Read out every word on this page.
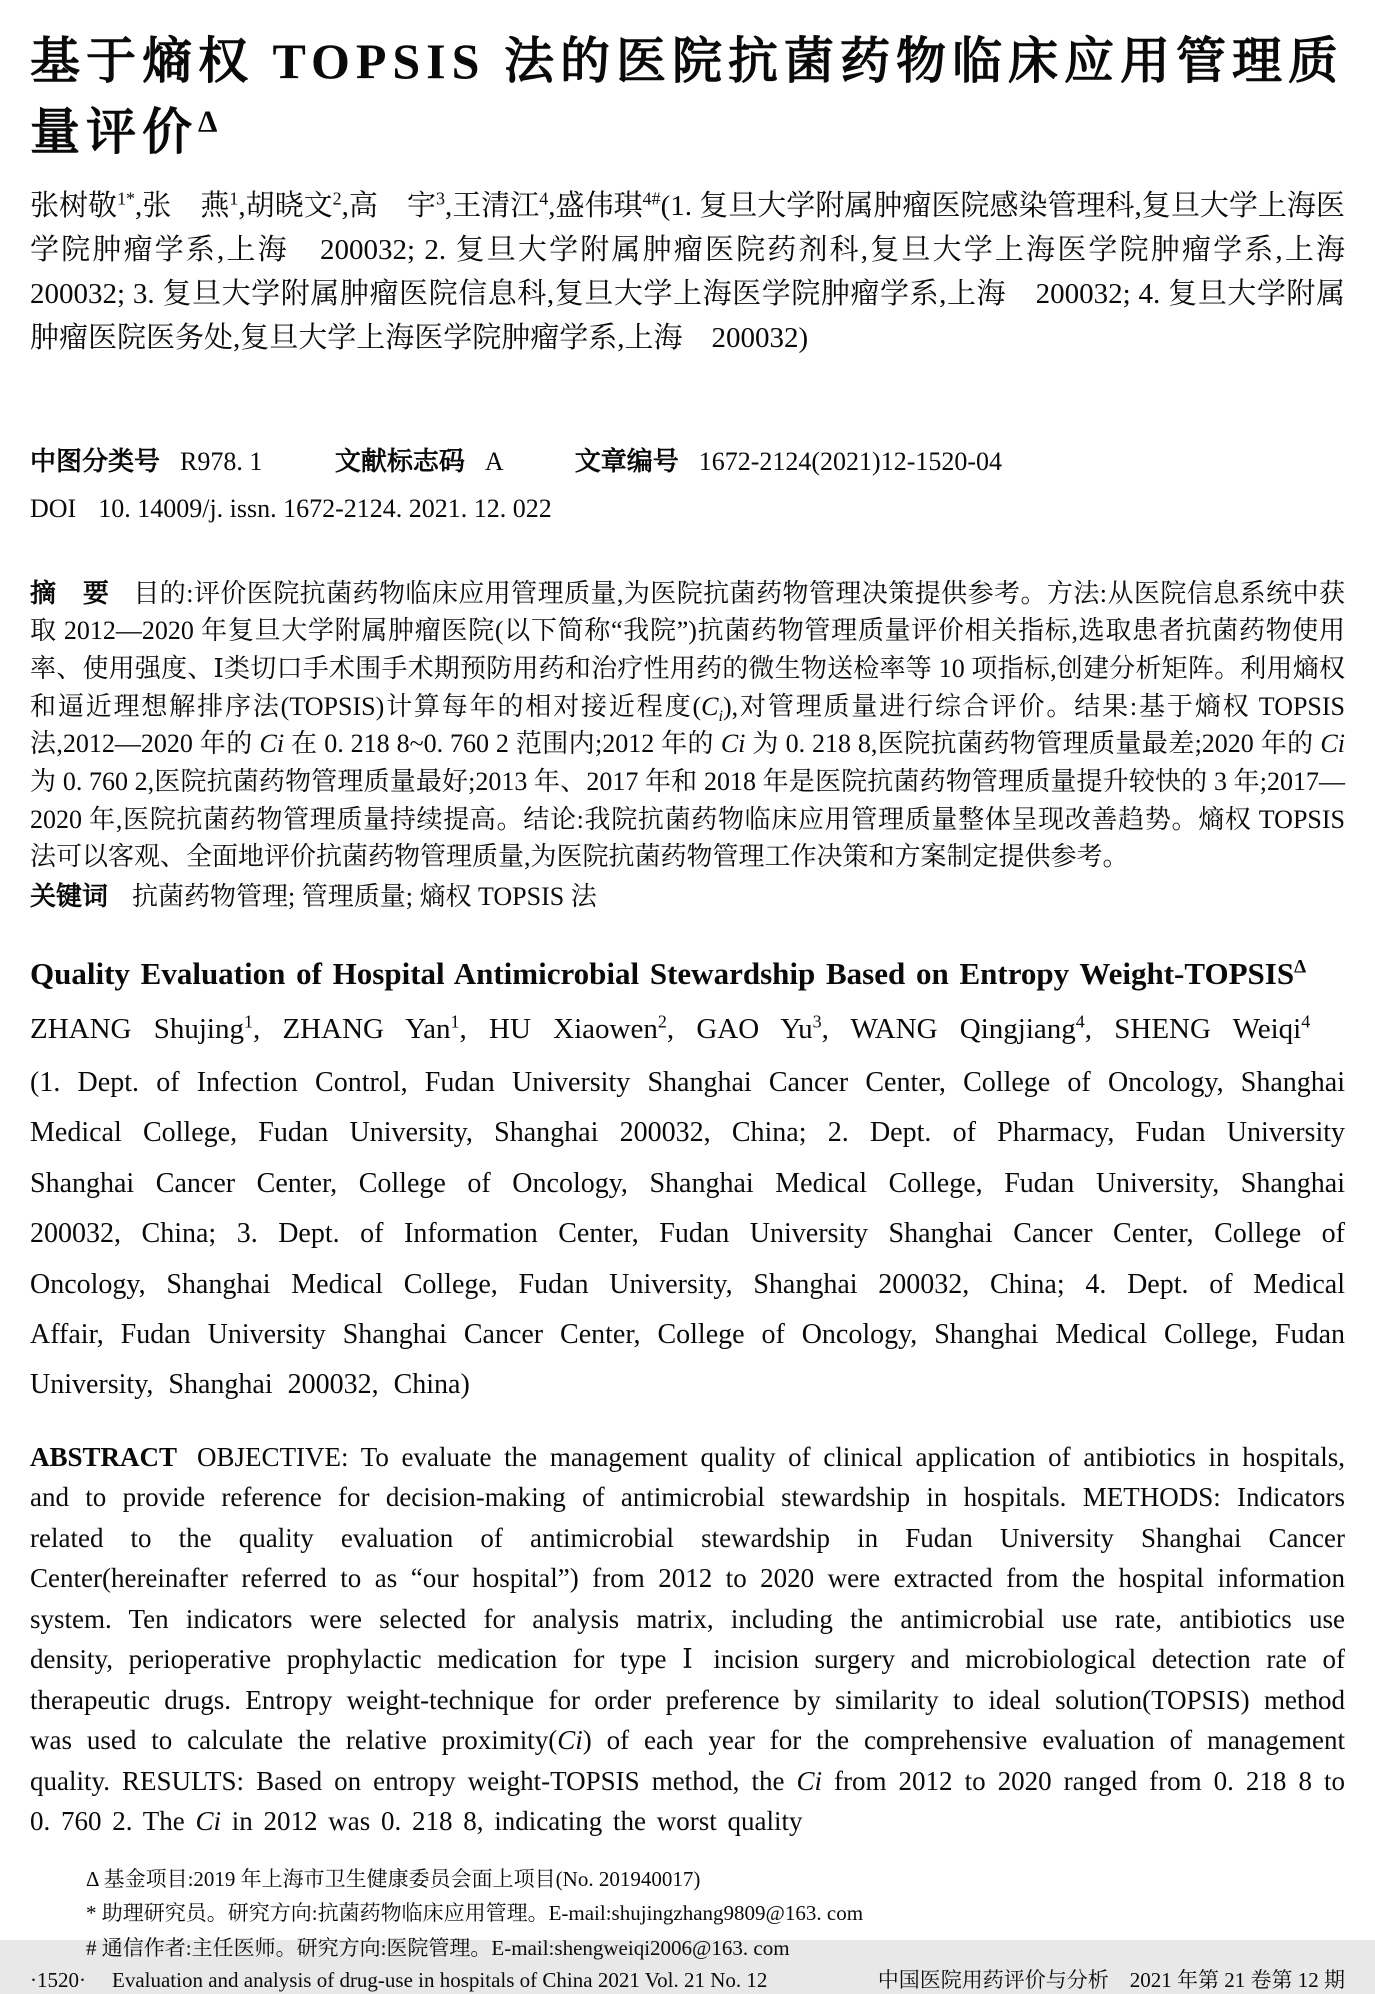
基于熵权 TOPSIS 法的医院抗菌药物临床应用管理质量评价$^\Delta$

张树敬$^{1*}$,张　燕$^1$,胡晓文$^2$,高　宇$^3$,王清江$^4$,盛伟琪$^{4\#}$(1. 复旦大学附属肿瘤医院感染管理科,复旦大学上海医学院肿瘤学系,上海　200032; 2. 复旦大学附属肿瘤医院药剂科,复旦大学上海医学院肿瘤学系,上海　200032; 3. 复旦大学附属肿瘤医院信息科,复旦大学上海医学院肿瘤学系,上海　200032; 4. 复旦大学附属肿瘤医院医务处,复旦大学上海医学院肿瘤学系,上海　200032)

中图分类号 R978. 1	文献标志码 A	文章编号 1672-2124(2021)12-1520-04
DOI 10. 14009/j. issn. 1672-2124. 2021. 12. 022

摘　要 目的:评价医院抗菌药物临床应用管理质量,为医院抗菌药物管理决策提供参考。方法:从医院信息系统中获取 2012—2020 年复旦大学附属肿瘤医院(以下简称“我院”)抗菌药物管理质量评价相关指标,选取患者抗菌药物使用率、使用强度、Ⅰ类切口手术围手术期预防用药和治疗性用药的微生物送检率等 10 项指标,创建分析矩阵。利用熵权和逼近理想解排序法(TOPSIS)计算每年的相对接近程度$(C_i)$,对管理质量进行综合评价。结果:基于熵权 TOPSIS 法,2012—2020 年的 Ci 在 0. 218 8~0. 760 2 范围内;2012 年的 Ci 为 0. 218 8,医院抗菌药物管理质量最差;2020 年的 Ci 为 0. 760 2,医院抗菌药物管理质量最好;2013 年、2017 年和 2018 年是医院抗菌药物管理质量提升较快的 3 年;2017—2020 年,医院抗菌药物管理质量持续提高。结论:我院抗菌药物临床应用管理质量整体呈现改善趋势。熵权 TOPSIS 法可以客观、全面地评价抗菌药物管理质量,为医院抗菌药物管理工作决策和方案制定提供参考。

关键词 抗菌药物管理; 管理质量; 熵权 TOPSIS 法

Quality Evaluation of Hospital Antimicrobial Stewardship Based on Entropy Weight-$TOPSIS^\Delta$

ZHANG Shujing$^1$, ZHANG Yan$^1$, HU Xiaowen$^2$, GAO Yu$^3$, WANG Qingjiang$^4$, SHENG Weiqi$^4$

(1. Dept. of Infection Control, Fudan University Shanghai Cancer Center, College of Oncology, Shanghai Medical College, Fudan University, Shanghai 200032, China; 2. Dept. of Pharmacy, Fudan University Shanghai Cancer Center, College of Oncology, Shanghai Medical College, Fudan University, Shanghai 200032, China; 3. Dept. of Information Center, Fudan University Shanghai Cancer Center, College of Oncology, Shanghai Medical College, Fudan University, Shanghai 200032, China; 4. Dept. of Medical Affair, Fudan University Shanghai Cancer Center, College of Oncology, Shanghai Medical College, Fudan University, Shanghai 200032, China)

ABSTRACT OBJECTIVE: To evaluate the management quality of clinical application of antibiotics in hospitals, and to provide reference for decision-making of antimicrobial stewardship in hospitals. METHODS: Indicators related to the quality evaluation of antimicrobial stewardship in Fudan University Shanghai Cancer Center(hereinafter referred to as “our hospital”) from 2012 to 2020 were extracted from the hospital information system. Ten indicators were selected for analysis matrix, including the antimicrobial use rate, antibiotics use density, perioperative prophylactic medication for type Ⅰ incision surgery and microbiological detection rate of therapeutic drugs. Entropy weight-technique for order preference by similarity to ideal solution(TOPSIS) method was used to calculate the relative proximity(Ci) of each year for the comprehensive evaluation of management quality. RESULTS: Based on entropy weight-TOPSIS method, the Ci from 2012 to 2020 ranged from 0. 218 8 to 0. 760 2. The Ci in 2012 was 0. 218 8, indicating the worst quality

Δ 基金项目:2019 年上海市卫生健康委员会面上项目(No. 201940017)

* 助理研究员。研究方向:抗菌药物临床应用管理。E-mail:shujingzhang9809@163. com

# 通信作者:主任医师。研究方向:医院管理。E-mail:shengweiqi2006@163. com

·1520· Evaluation and analysis of drug-use in hospitals of China 2021 Vol. 21 No. 12	中国医院用药评价与分析　2021 年第 21 卷第 12 期
